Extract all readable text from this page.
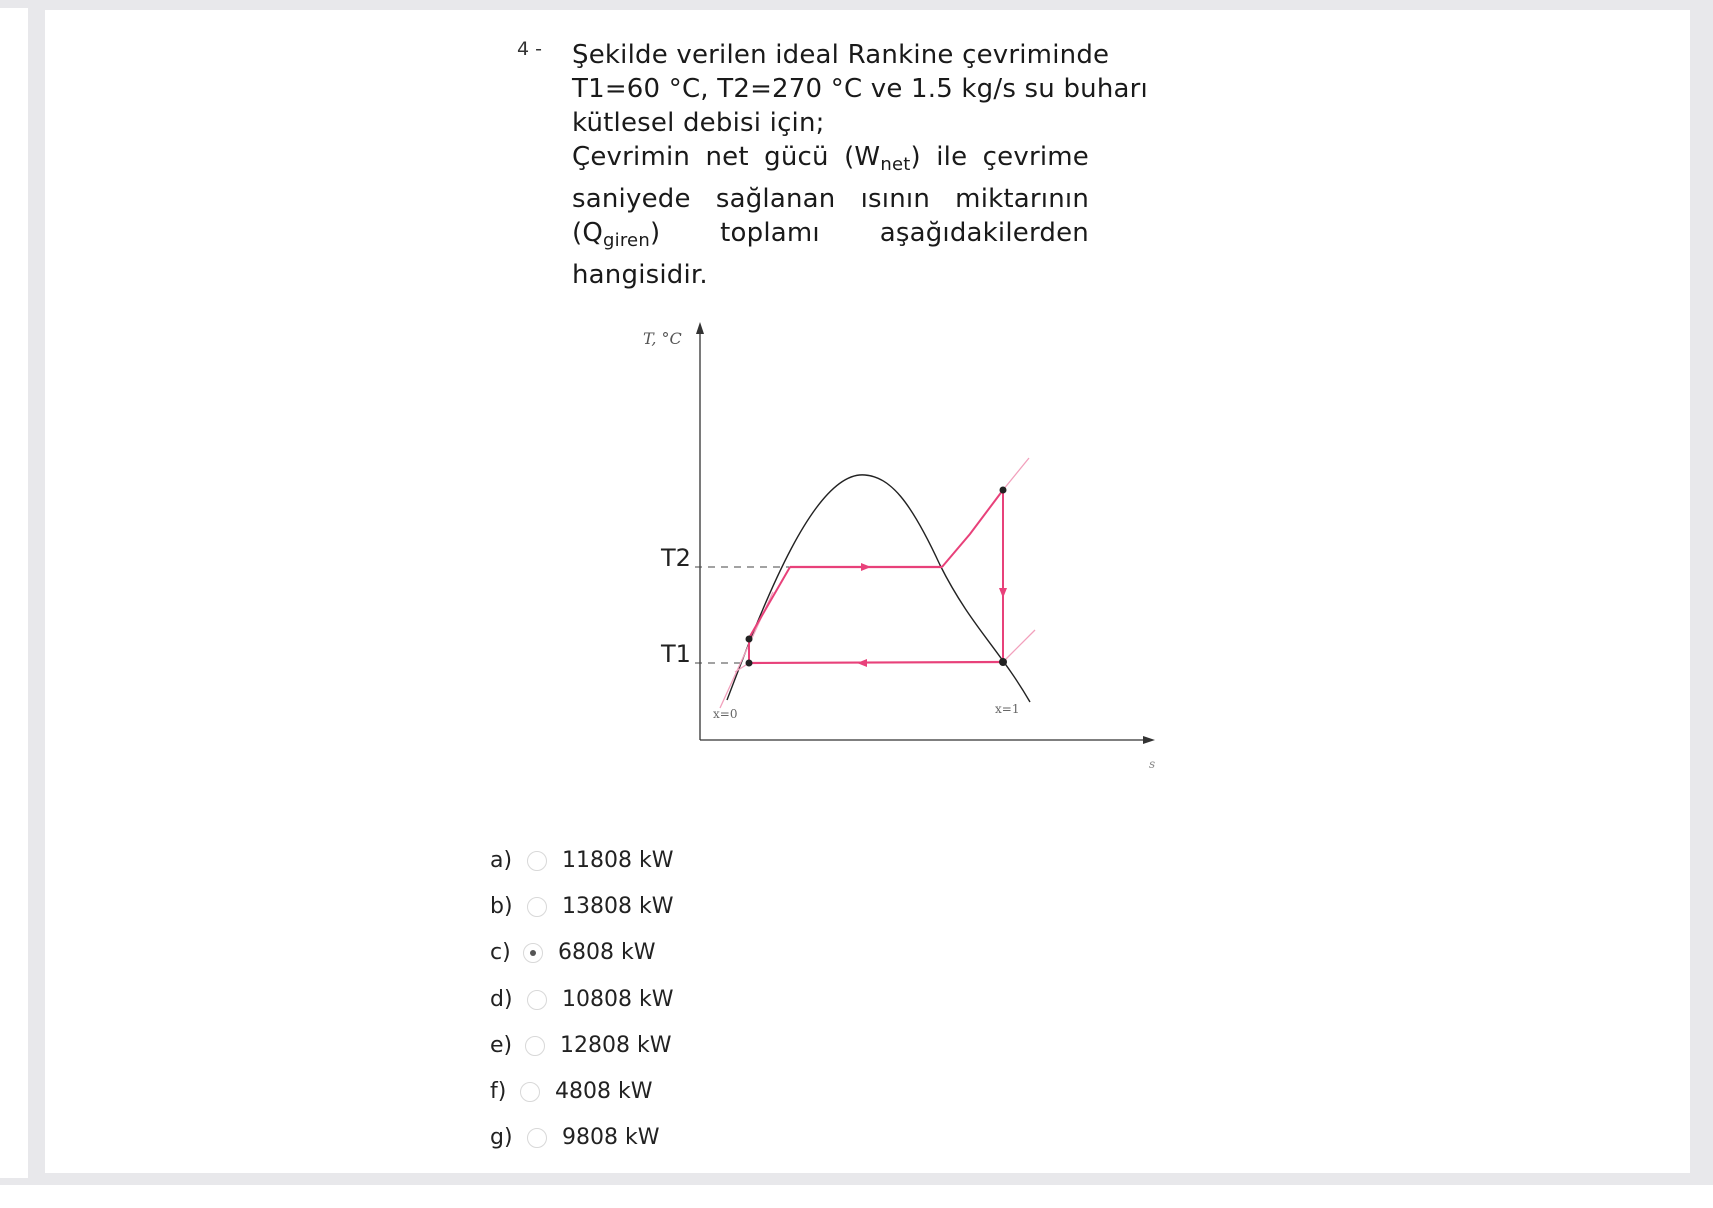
4 - Şekilde verilen ideal Rankine çevriminde
T1=60 °C, T2=270 °C ve 1.5 kg/s su buharı
kütlesel debisi için;
Çevrimin net gücü $(W_{net})$ ile çevrime
saniyede sağlanan ısının miktarının
$(Q_{giren})$ toplamı aşağıdakilerden
hangisidir.
T, °C
s
T2
T1
x=0	x=1
a) 11808 kW
b) 13808 kW
c) 6808 kW
d) 10808 kW
e) 12808 kW
f) 4808 kW
g) 9808 kW
